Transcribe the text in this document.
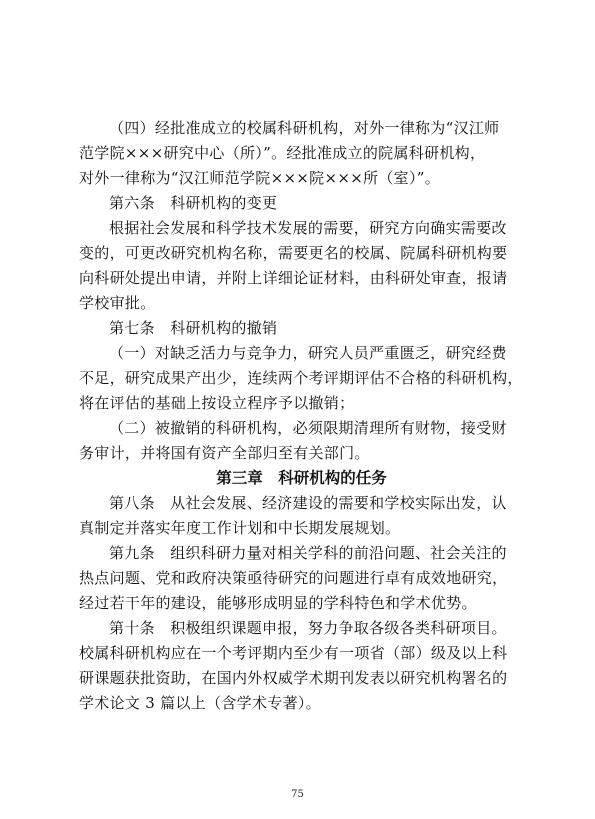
（四）经批准成立的校属科研机构，对外一律称为“汉江师
范学院×××研究中心（所）”。经批准成立的院属科研机构，
对外一律称为“汉江师范学院×××院×××所（室）”。
第六条　科研机构的变更
根据社会发展和科学技术发展的需要，研究方向确实需要改
变的，可更改研究机构名称，需要更名的校属、院属科研机构要
向科研处提出申请，并附上详细论证材料，由科研处审查，报请
学校审批。
第七条　科研机构的撤销
（一）对缺乏活力与竞争力，研究人员严重匮乏，研究经费
不足，研究成果产出少，连续两个考评期评估不合格的科研机构，
将在评估的基础上按设立程序予以撤销；
（二）被撤销的科研机构，必须限期清理所有财物，接受财
务审计，并将国有资产全部归至有关部门。
第三章　科研机构的任务
第八条　从社会发展、经济建设的需要和学校实际出发，认
真制定并落实年度工作计划和中长期发展规划。
第九条　组织科研力量对相关学科的前沿问题、社会关注的
热点问题、党和政府决策亟待研究的问题进行卓有成效地研究，
经过若干年的建设，能够形成明显的学科特色和学术优势。
第十条　积极组织课题申报，努力争取各级各类科研项目。
校属科研机构应在一个考评期内至少有一项省（部）级及以上科
研课题获批资助，在国内外权威学术期刊发表以研究机构署名的
学术论文 3 篇以上（含学术专著）。
75
